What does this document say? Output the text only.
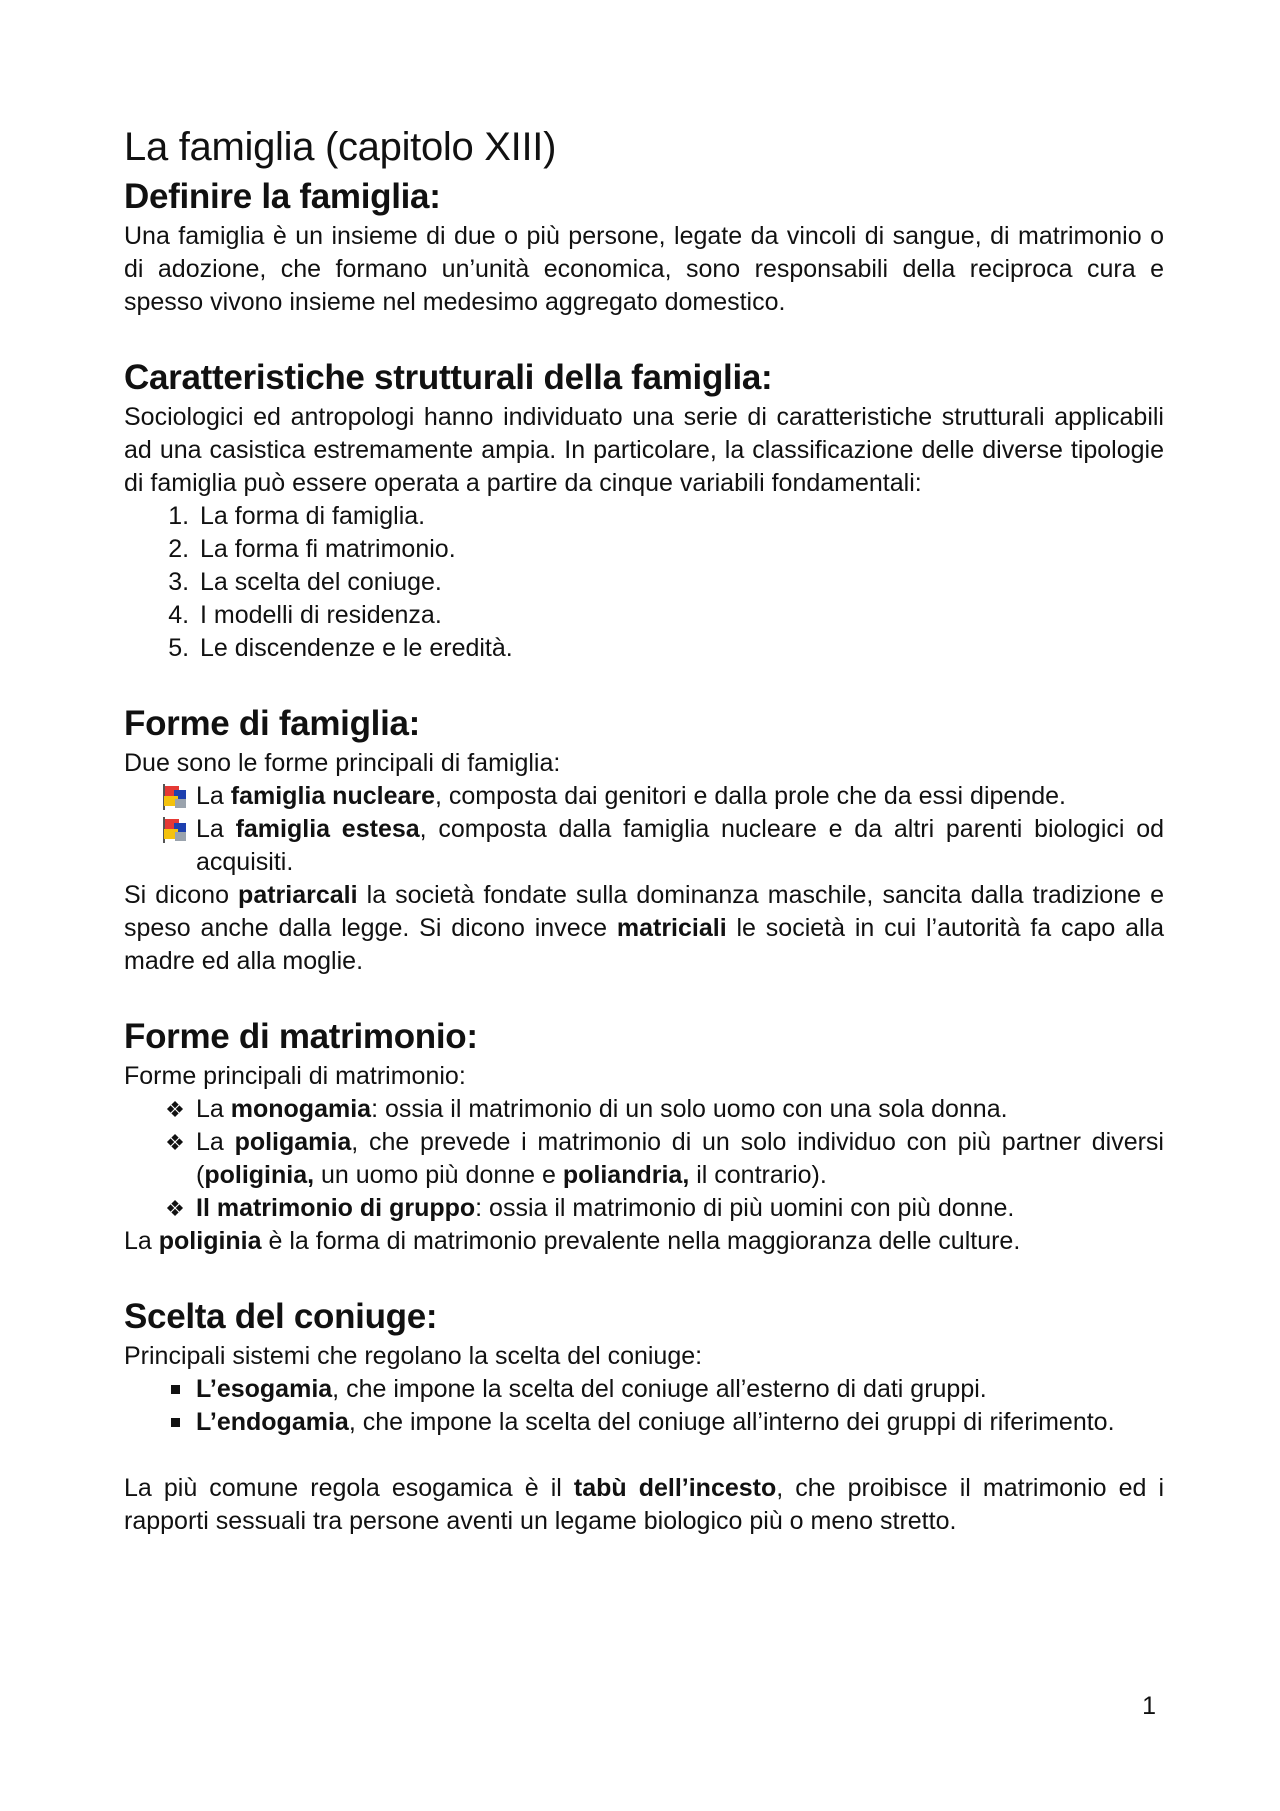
La famiglia (capitolo XIII)
Definire la famiglia:

Una famiglia è un insieme di due o più persone, legate da vincoli di sangue, di matrimonio o di adozione, che formano un’unità economica, sono responsabili della reciproca cura e spesso vivono insieme nel medesimo aggregato domestico.

Caratteristiche strutturali della famiglia:

Sociologici ed antropologi hanno individuato una serie di caratteristiche strutturali applicabili ad una casistica estremamente ampia. In particolare, la classificazione delle diverse tipologie di famiglia può essere operata a partire da cinque variabili fondamentali:

1. La forma di famiglia.
2. La forma fi matrimonio.
3. La scelta del coniuge.
4. I modelli di residenza.
5. Le discendenze e le eredità.
Forme di famiglia:

Due sono le forme principali di famiglia:

La famiglia nucleare, composta dai genitori e dalla prole che da essi dipende.
La famiglia estesa, composta dalla famiglia nucleare e da altri parenti biologici od acquisiti.

Si dicono patriarcali la società fondate sulla dominanza maschile, sancita dalla tradizione e speso anche dalla legge. Si dicono invece matriciali le società in cui l’autorità fa capo alla madre ed alla moglie.

Forme di matrimonio:

Forme principali di matrimonio:

❖ La monogamia: ossia il matrimonio di un solo uomo con una sola donna.
❖ La poligamia, che prevede i matrimonio di un solo individuo con più partner diversi (poliginia, un uomo più donne e poliandria, il contrario).
❖ Il matrimonio di gruppo: ossia il matrimonio di più uomini con più donne.

La poliginia è la forma di matrimonio prevalente nella maggioranza delle culture.

Scelta del coniuge:

Principali sistemi che regolano la scelta del coniuge:

L’esogamia, che impone la scelta del coniuge all’esterno di dati gruppi.
L’endogamia, che impone la scelta del coniuge all’interno dei gruppi di riferimento.

La più comune regola esogamica è il tabù dell’incesto, che proibisce il matrimonio ed i rapporti sessuali tra persone aventi un legame biologico più o meno stretto.

1
